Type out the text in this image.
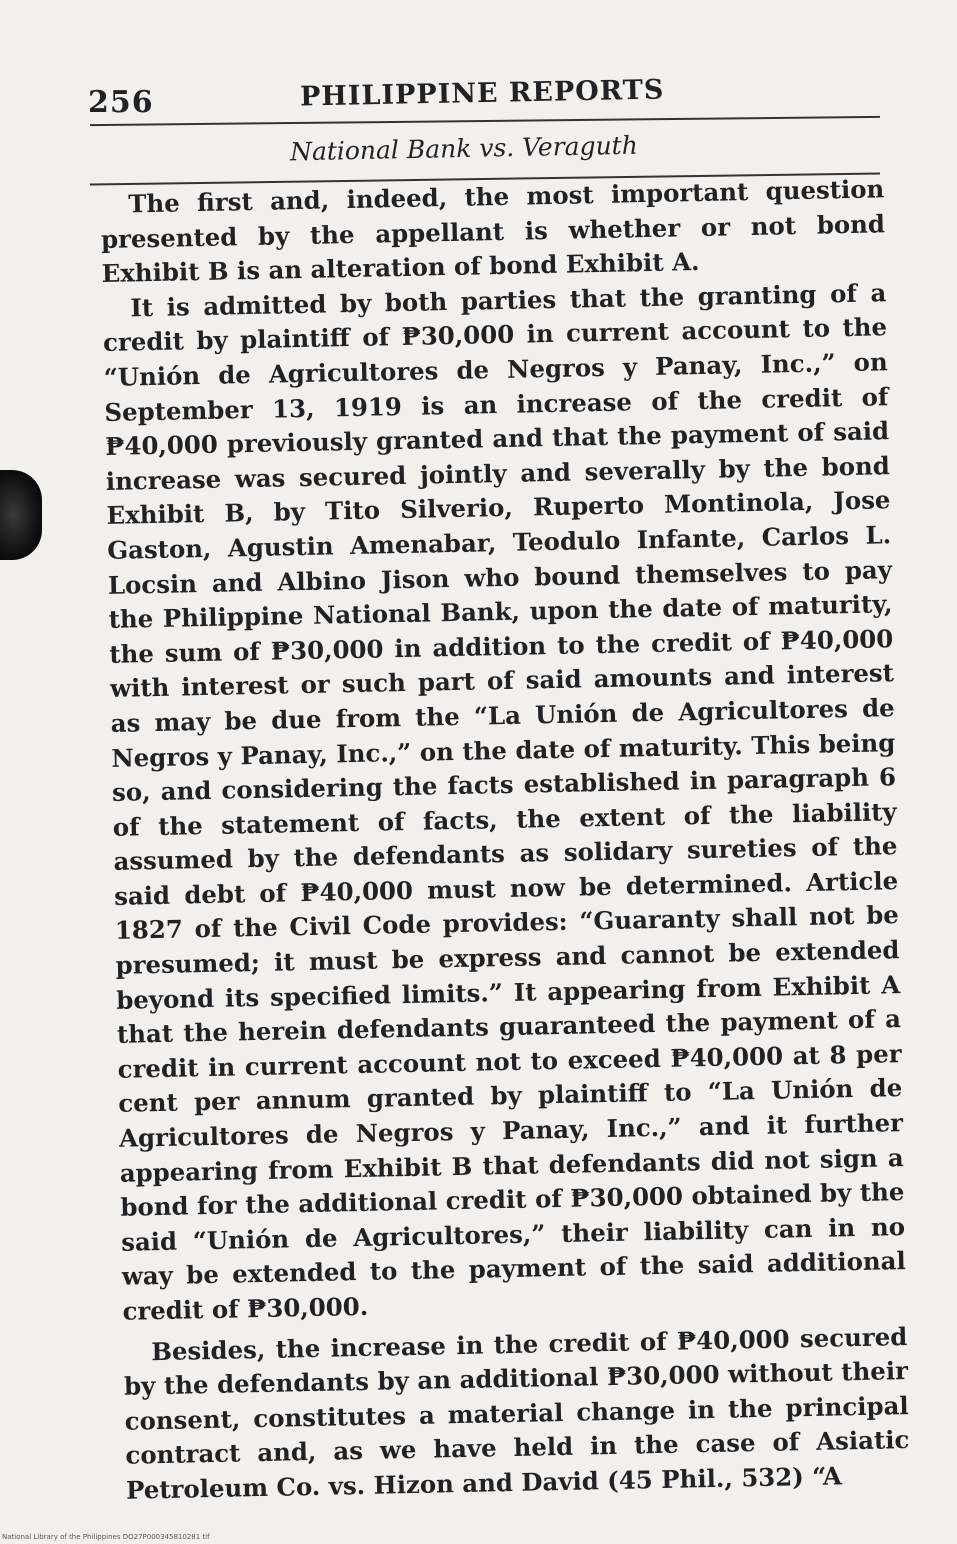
256	PHILIPPINE REPORTS
National Bank vs. Veraguth

The first and, indeed, the most important question presented by the appellant is whether or not bond Exhibit B is an alteration of bond Exhibit A.

It is admitted by both parties that the granting of a credit by plaintiff of ₱30,000 in current account to the “Unión de Agricultores de Negros y Panay, Inc.,” on September 13, 1919 is an increase of the credit of ₱40,000 previously granted and that the payment of said increase was secured jointly and severally by the bond Exhibit B, by Tito Silverio, Ruperto Montinola, Jose Gaston, Agustin Amenabar, Teodulo Infante, Carlos L. Locsin and Albino Jison who bound themselves to pay the Philippine National Bank, upon the date of maturity, the sum of ₱30,000 in addition to the credit of ₱40,000 with interest or such part of said amounts and interest as may be due from the “La Unión de Agricultores de Negros y Panay, Inc.,” on the date of maturity. This being so, and considering the facts established in paragraph 6 of the statement of facts, the extent of the liability assumed by the defendants as solidary sureties of the said debt of ₱40,000 must now be determined. Article 1827 of the Civil Code provides: “Guaranty shall not be presumed; it must be express and cannot be extended beyond its specified limits.” It appearing from Exhibit A that the herein defendants guaranteed the payment of a credit in current account not to exceed ₱40,000 at 8 per cent per annum granted by plaintiff to “La Unión de Agricultores de Negros y Panay, Inc.,” and it further appearing from Exhibit B that defendants did not sign a bond for the additional credit of ₱30,000 obtained by the said “Unión de Agricultores,” their liability can in no way be extended to the payment of the said additional credit of ₱30,000.

Besides, the increase in the credit of ₱40,000 secured by the defendants by an additional ₱30,000 without their consent, constitutes a material change in the principal contract and, as we have held in the case of Asiatic Petroleum Co. vs. Hizon and David (45 Phil., 532) “A

National Library of the Philippines DO27P000345810281 tif
